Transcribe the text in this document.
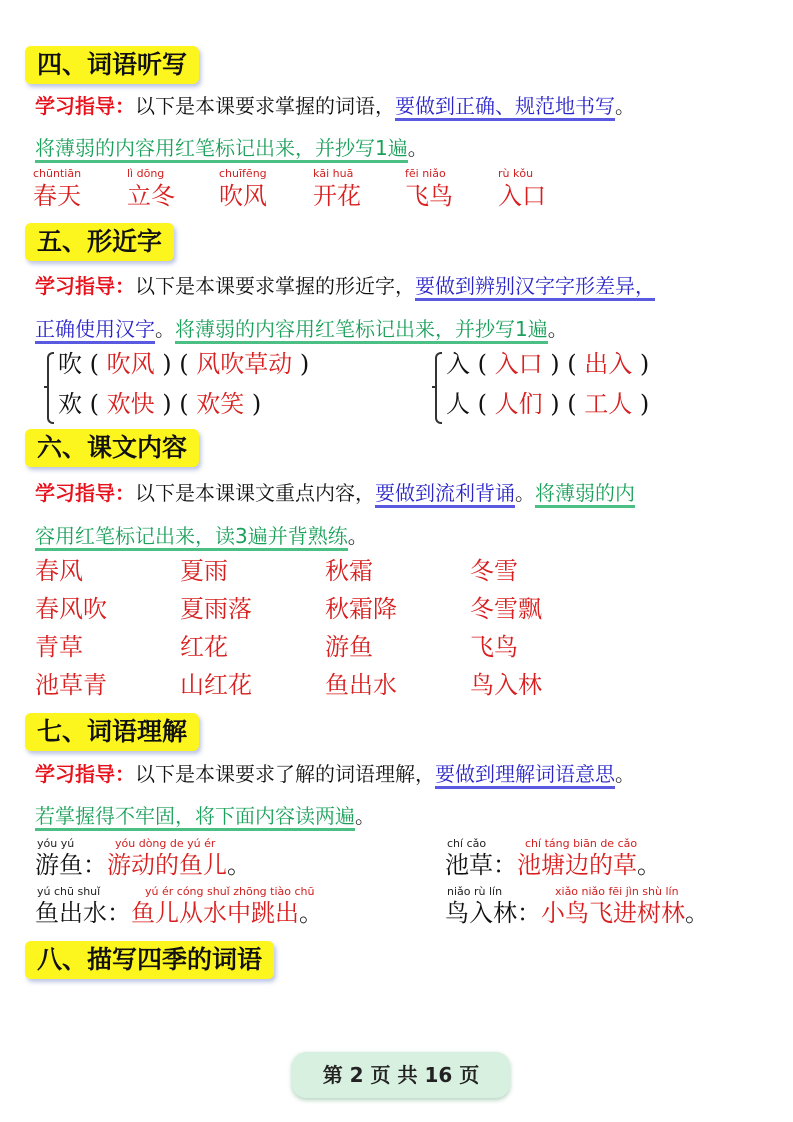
四、词语听写
学习指导：以下是本课要求掌握的词语，要做到正确、规范地书写。
将薄弱的内容用红笔标记出来，并抄写1遍。
五、形近字
学习指导：以下是本课要求掌握的形近字，要做到辨别汉字字形差异，
正确使用汉字。将薄弱的内容用红笔标记出来，并抄写1遍。
六、课文内容
学习指导：以下是本课课文重点内容，要做到流利背诵。将薄弱的内
容用红笔标记出来，读3遍并背熟练。
七、词语理解
学习指导：以下是本课要求了解的词语理解，要做到理解词语意思。
若掌握得不牢固，将下面内容读两遍。
八、描写四季的词语
第 2 页 共 16 页
chūntiān
春天
lì dōng
立冬
chuīfēng
吹风
kāi huā
开花
fēi niǎo
飞鸟
rù kǒu
入口
吹 ( 吹风 ) ( 风吹草动 )
欢 ( 欢快 ) ( 欢笑 )
入 ( 入口 ) ( 出入 )
人 ( 人们 ) ( 工人 )
春风	夏雨	秋霜	冬雪
春风吹	夏雨落	秋霜降	冬雪飘
青草	红花	游鱼	飞鸟
池草青	山红花	鱼出水	鸟入林
yóu yú	yóu dòng de yú ér
游鱼：游动的鱼儿。
chí cǎo	chí táng biān de cǎo
池草：池塘边的草。
yú chū shuǐ	yú ér cóng shuǐ zhōng tiào chū
鱼出水：鱼儿从水中跳出。
niǎo rù lín	xiǎo niǎo fēi jìn shù lín
鸟入林：小鸟飞进树林。
